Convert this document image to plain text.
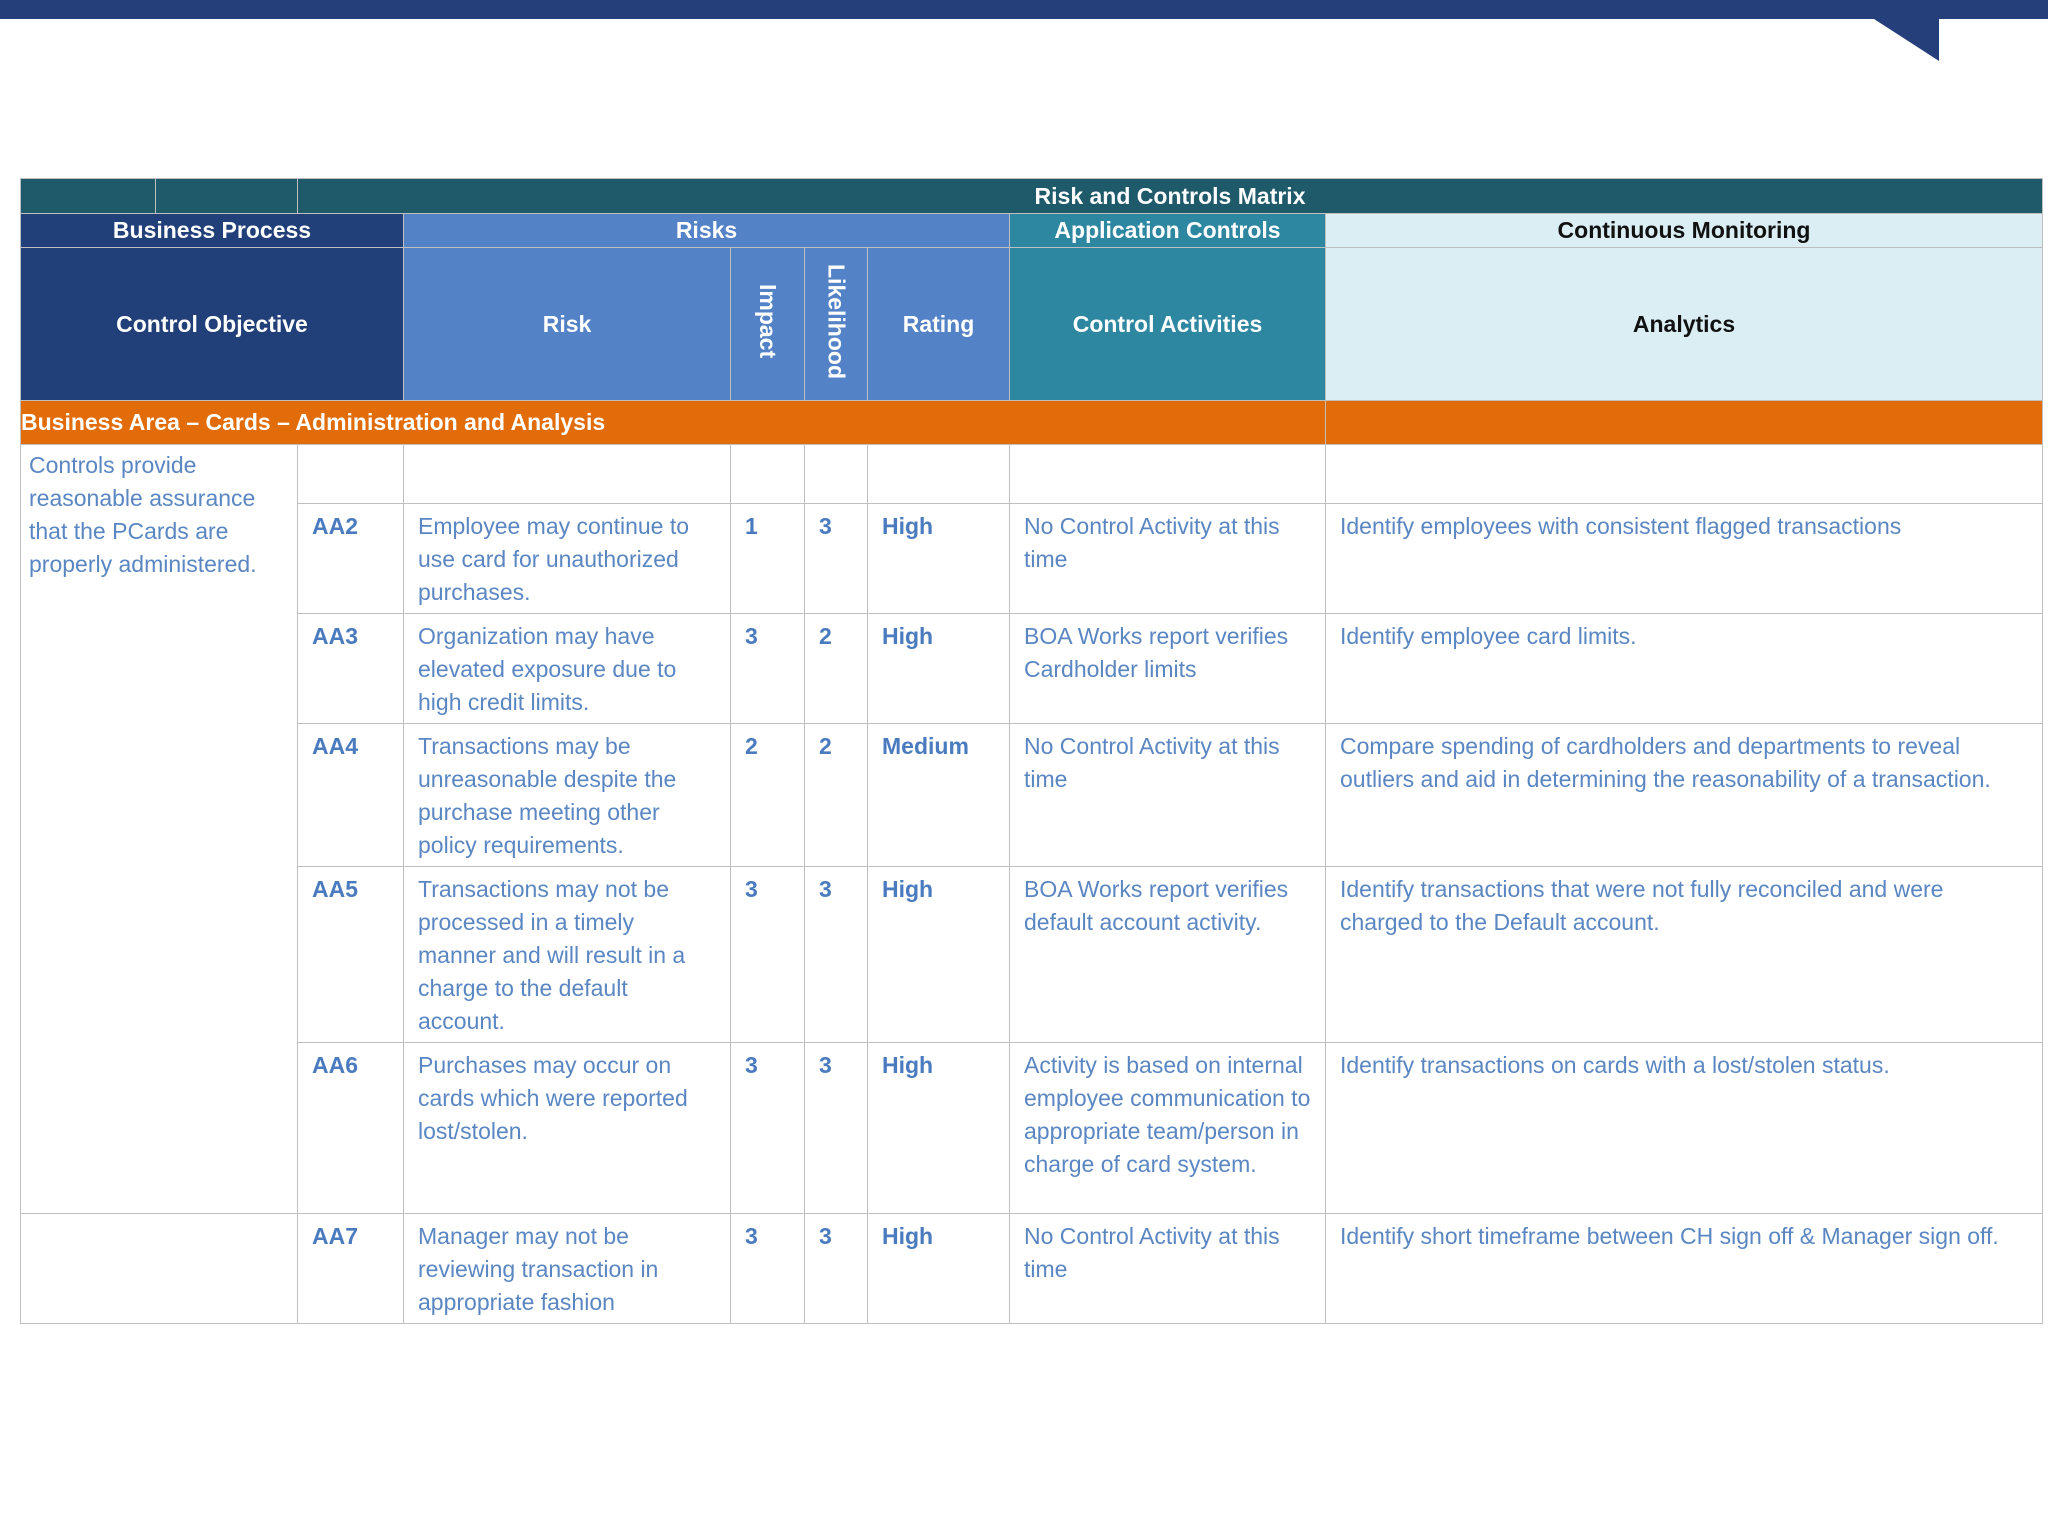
		Risk and Controls Matrix						
Business Process			Risks				Application Controls	Continuous Monitoring
Control Objective			Risk	Impact	Likelihood	Rating	Control Activities	Analytics
Business Area – Cards – Administration and Analysis								
Controls provide reasonable assurance that the PCards are properly administered.								
		AA2	Employee may continue to use card for unauthorized purchases.	1	3	High	No Control Activity at this time	Identify employees with consistent flagged transactions
		AA3	Organization may have elevated exposure due to high credit limits.	3	2	High	BOA Works report verifies Cardholder limits	Identify employee card limits.
		AA4	Transactions may be unreasonable despite the purchase meeting other policy requirements.	2	2	Medium	No Control Activity at this time	Compare spending of cardholders and departments to reveal outliers and aid in determining the reasonability of a transaction.
		AA5	Transactions may not be processed in a timely manner and will result in a charge to the default account.	3	3	High	BOA Works report verifies default account activity.	Identify transactions that were not fully reconciled and were charged to the Default account.
		AA6	Purchases may occur on cards which were reported lost/stolen.	3	3	High	Activity is based on internal employee communication to appropriate team/person in charge of card system.	Identify transactions on cards with a lost/stolen status.
		AA7	Manager may not be reviewing transaction in appropriate fashion	3	3	High	No Control Activity at this time	Identify short timeframe between CH sign off & Manager sign off.
